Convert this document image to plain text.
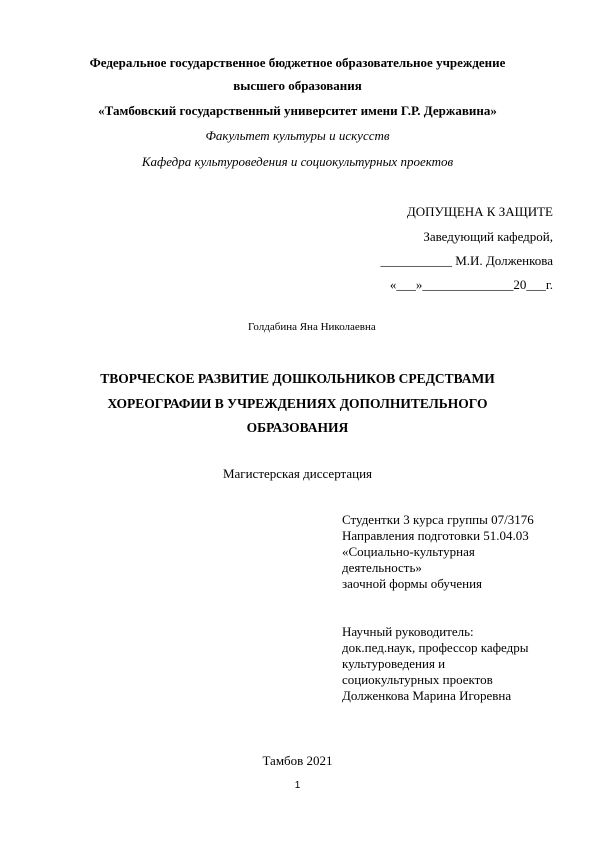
Федеральное государственное бюджетное образовательное учреждение
высшего образования
«Тамбовский государственный университет имени Г.Р. Державина»
Факультет культуры и искусств
Кафедра культуроведения и социокультурных проектов
ДОПУЩЕНА К ЗАЩИТЕ
Заведующий кафедрой,
___________ М.И. Долженкова
«___»______________20___г.
Голдабина Яна Николаевна
ТВОРЧЕСКОЕ РАЗВИТИЕ ДОШКОЛЬНИКОВ СРЕДСТВАМИ
ХОРЕОГРАФИИ В УЧРЕЖДЕНИЯХ ДОПОЛНИТЕЛЬНОГО
ОБРАЗОВАНИЯ
Магистерская диссертация
Студентки 3 курса группы 07/3176
Направления подготовки 51.04.03
«Социально-культурная
деятельность»
заочной формы обучения
Научный руководитель:
док.пед.наук, профессор кафедры
культуроведения и
социокультурных проектов
Долженкова Марина Игоревна
Тамбов 2021
1
